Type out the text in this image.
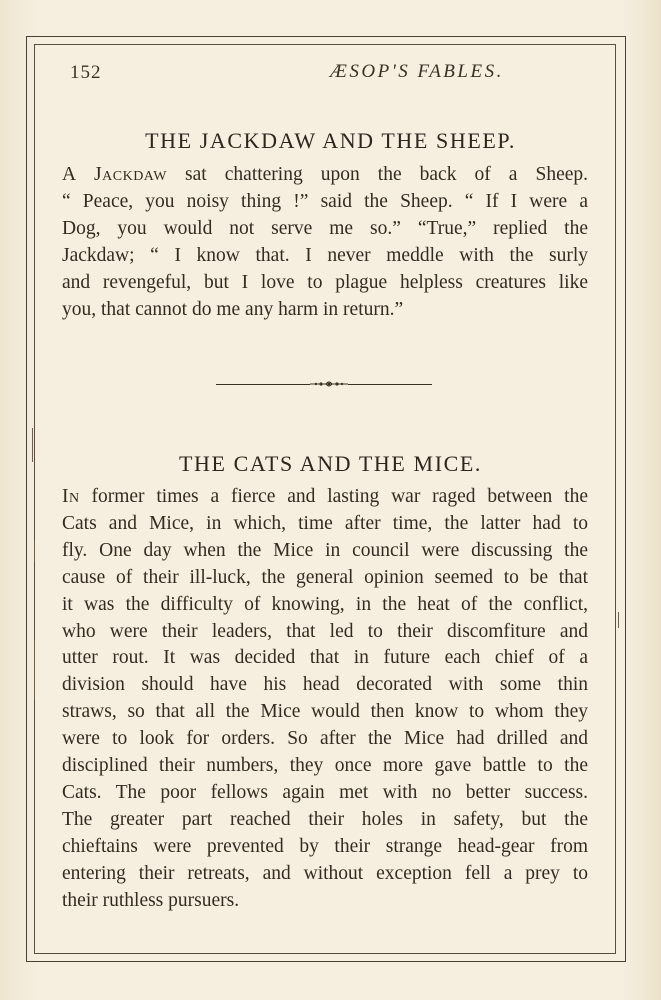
152	ÆSOP'S FABLES.
THE JACKDAW AND THE SHEEP.
A Jackdaw sat chattering upon the back of a Sheep.
“ Peace, you noisy thing !” said the Sheep. “ If I were a
Dog, you would not serve me so.” “True,” replied the
Jackdaw; “ I know that. I never meddle with the surly
and revengeful, but I love to plague helpless creatures like
you, that cannot do me any harm in return.”
THE CATS AND THE MICE.
In former times a fierce and lasting war raged between the
Cats and Mice, in which, time after time, the latter had to
fly. One day when the Mice in council were discussing the
cause of their ill-luck, the general opinion seemed to be that
it was the difficulty of knowing, in the heat of the conflict,
who were their leaders, that led to their discomfiture and
utter rout. It was decided that in future each chief of a
division should have his head decorated with some thin
straws, so that all the Mice would then know to whom they
were to look for orders. So after the Mice had drilled and
disciplined their numbers, they once more gave battle to the
Cats. The poor fellows again met with no better success.
The greater part reached their holes in safety, but the
chieftains were prevented by their strange head-gear from
entering their retreats, and without exception fell a prey to
their ruthless pursuers.
